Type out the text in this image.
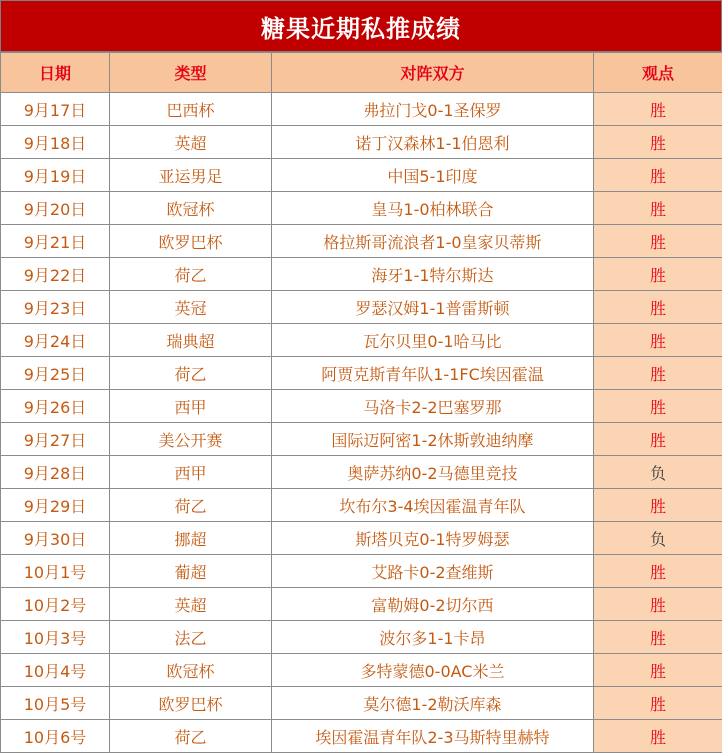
糖果近期私推成绩
日期	类型	对阵双方	观点
9月17日	巴西杯	弗拉门戈0-1圣保罗	胜
9月18日	英超	诺丁汉森林1-1伯恩利	胜
9月19日	亚运男足	中国5-1印度	胜
9月20日	欧冠杯	皇马1-0柏林联合	胜
9月21日	欧罗巴杯	格拉斯哥流浪者1-0皇家贝蒂斯	胜
9月22日	荷乙	海牙1-1特尔斯达	胜
9月23日	英冠	罗瑟汉姆1-1普雷斯顿	胜
9月24日	瑞典超	瓦尔贝里0-1哈马比	胜
9月25日	荷乙	阿贾克斯青年队1-1FC埃因霍温	胜
9月26日	西甲	马洛卡2-2巴塞罗那	胜
9月27日	美公开赛	国际迈阿密1-2休斯敦迪纳摩	胜
9月28日	西甲	奥萨苏纳0-2马德里竞技	负
9月29日	荷乙	坎布尔3-4埃因霍温青年队	胜
9月30日	挪超	斯塔贝克0-1特罗姆瑟	负
10月1号	葡超	艾路卡0-2查维斯	胜
10月2号	英超	富勒姆0-2切尔西	胜
10月3号	法乙	波尔多1-1卡昂	胜
10月4号	欧冠杯	多特蒙德0-0AC米兰	胜
10月5号	欧罗巴杯	莫尔德1-2勒沃库森	胜
10月6号	荷乙	埃因霍温青年队2-3马斯特里赫特	胜
